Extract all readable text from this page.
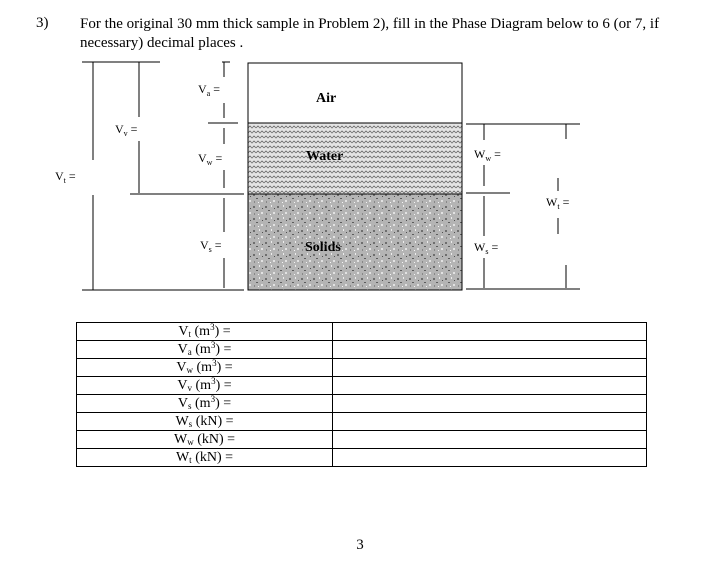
3) For the original 30 mm thick sample in Problem 2), fill in the Phase Diagram below to 6 (or 7, if necessary) decimal places .
Air
Water
Solids
$V_a$ =
$V_v$ =
$V_w$ =
$V_t$ =
$V_s$ =
$W_w$ =
$W_t$ =
$W_s$ =
$V_t$ $(m^3)$ =	
$V_a$ $(m^3)$ =	
$V_w$ $(m^3)$ =	
$V_v$ $(m^3)$ =	
$V_s$ $(m^3)$ =	
$W_s$ (kN) =	
$W_w$ (kN) =	
$W_t$ (kN) =	
3
